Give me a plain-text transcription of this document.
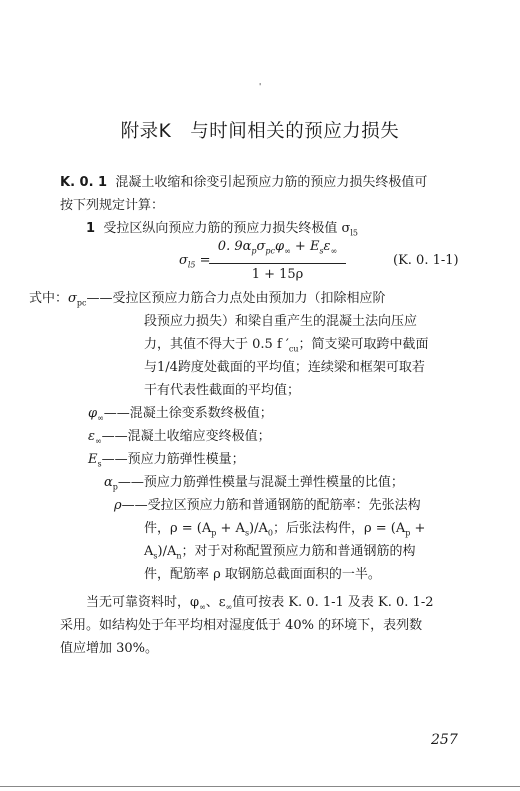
'
附录K　与时间相关的预应力损失
K. 0. 1 混凝土收缩和徐变引起预应力筋的预应力损失终极值可
按下列规定计算：
1 受拉区纵向预应力筋的预应力损失终极值 $\sigma_{l5}$
$\sigma_{l5}$ =
0. $9\alpha_p\sigma_{pc}\varphi_\infty + E_s\varepsilon_\infty$
1 + 15ρ
(K. 0. 1-1)
式中：$\sigma_{pc}——$受拉区预应力筋合力点处由预加力（扣除相应阶
段预应力损失）和梁自重产生的混凝土法向压应
力，其值不得大于 0.5 f $'_{cu}$；简支梁可取跨中截面
与1/4跨度处截面的平均值；连续梁和框架可取若
干有代表性截面的平均值；
$\varphi_\infty——$混凝土徐变系数终极值；
$\varepsilon_\infty——$混凝土收缩应变终极值；
$E_s——$预应力筋弹性模量；
$\alpha_p——$预应力筋弹性模量与混凝土弹性模量的比值；
ρ——受拉区预应力筋和普通钢筋的配筋率：先张法构
件，$\rho = (A_p + A_s)/A_0$；后张法构件，$\rho = (A_p$ +
$A_s)/A_n$；对于对称配置预应力筋和普通钢筋的构
件，配筋率 ρ 取钢筋总截面面积的一半。
当无可靠资料时，$\varphi_\infty$、$\varepsilon_\infty$值可按表 K. 0. 1-1 及表 K. 0. 1-2
采用。如结构处于年平均相对湿度低于 40% 的环境下，表列数
值应增加 30%。
257
